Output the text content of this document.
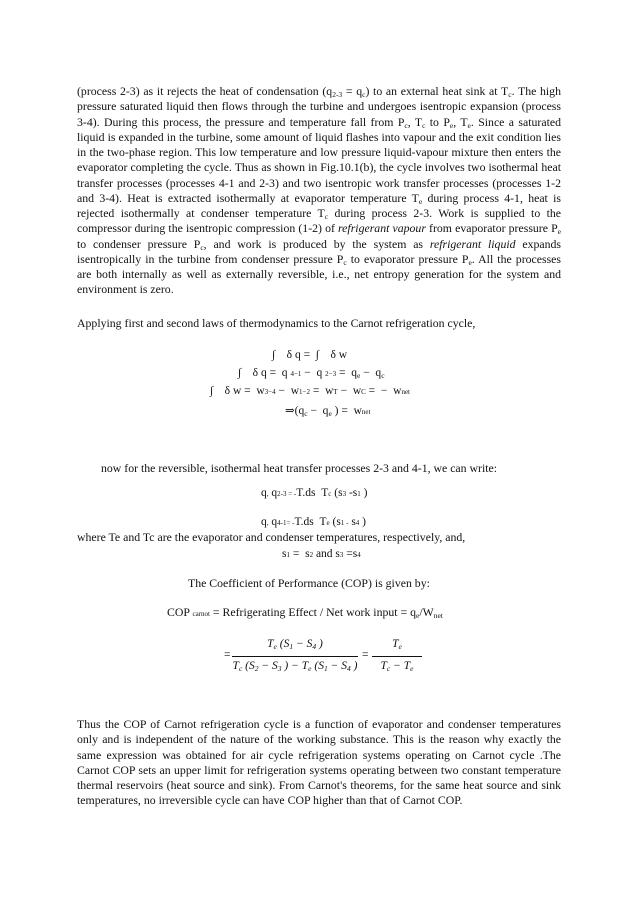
(process 2-3) as it rejects the heat of condensation $(q_{2-3} = q_c)$ to an external heat sink at $T_c$. The high pressure saturated liquid then flows through the turbine and undergoes isentropic expansion (process 3-4). During this process, the pressure and temperature fall from $P_c$, $T_c$ to $P_e$, $T_e$. Since a saturated liquid is expanded in the turbine, some amount of liquid flashes into vapour and the exit condition lies in the two-phase region. This low temperature and low pressure liquid-vapour mixture then enters the evaporator completing the cycle. Thus as shown in Fig.10.1(b), the cycle involves two isothermal heat transfer processes (processes 4-1 and 2-3) and two isentropic work transfer processes (processes 1-2 and 3-4). Heat is extracted isothermally at evaporator temperature $T_e$ during process 4-1, heat is rejected isothermally at condenser temperature $T_c$ during process 2-3. Work is supplied to the compressor during the isentropic compression (1-2) of refrigerant vapour from evaporator pressure $P_e$ to condenser pressure $P_c$, and work is produced by the system as refrigerant liquid expands isentropically in the turbine from condenser pressure $P_c$ to evaporator pressure $P_e$. All the processes are both internally as well as externally reversible, i.e., net entropy generation for the system and environment is zero.

Applying first and second laws of thermodynamics to the Carnot refrigeration cycle,

∫    δ q =  ∫    δ w
∫    δ q =  q 4−1 −  q $2-3 = q_e - q_c$
∫    δ w =  w3−4 −  w1−2 =  wT −  wC =  −  wnet
$\Rightarrow(q_c - q_e$ ) =  wnet
now for the reversible, isothermal heat transfer processes 2-3 and 4-1, we can write:
q, q2-3 = -T.ds  Tc (s3 -s1 )
q, q4-1= -T.ds  Te (s1 - s4 )
where Te and Tc are the evaporator and condenser temperatures, respectively, and,
s1 =  s2 and s3 =s4
The Coefficient of Performance (COP) is given by:
COP carnot = Refrigerating Effect / Net work input = $q_e/W_{net}$
=
$T_e$ ($S_1 - S_4$ )
$T_c$ ($S_2 - S_3$ ) − $T_e$ ($S_1 - S_4$ )
=
$T_e$
$T_c - T_e$

Thus the COP of Carnot refrigeration cycle is a function of evaporator and condenser temperatures only and is independent of the nature of the working substance. This is the reason why exactly the same expression was obtained for air cycle refrigeration systems operating on Carnot cycle .The Carnot COP sets an upper limit for refrigeration systems operating between two constant temperature thermal reservoirs (heat source and sink). From Carnot's theorems, for the same heat source and sink temperatures, no irreversible cycle can have COP higher than that of Carnot COP.
